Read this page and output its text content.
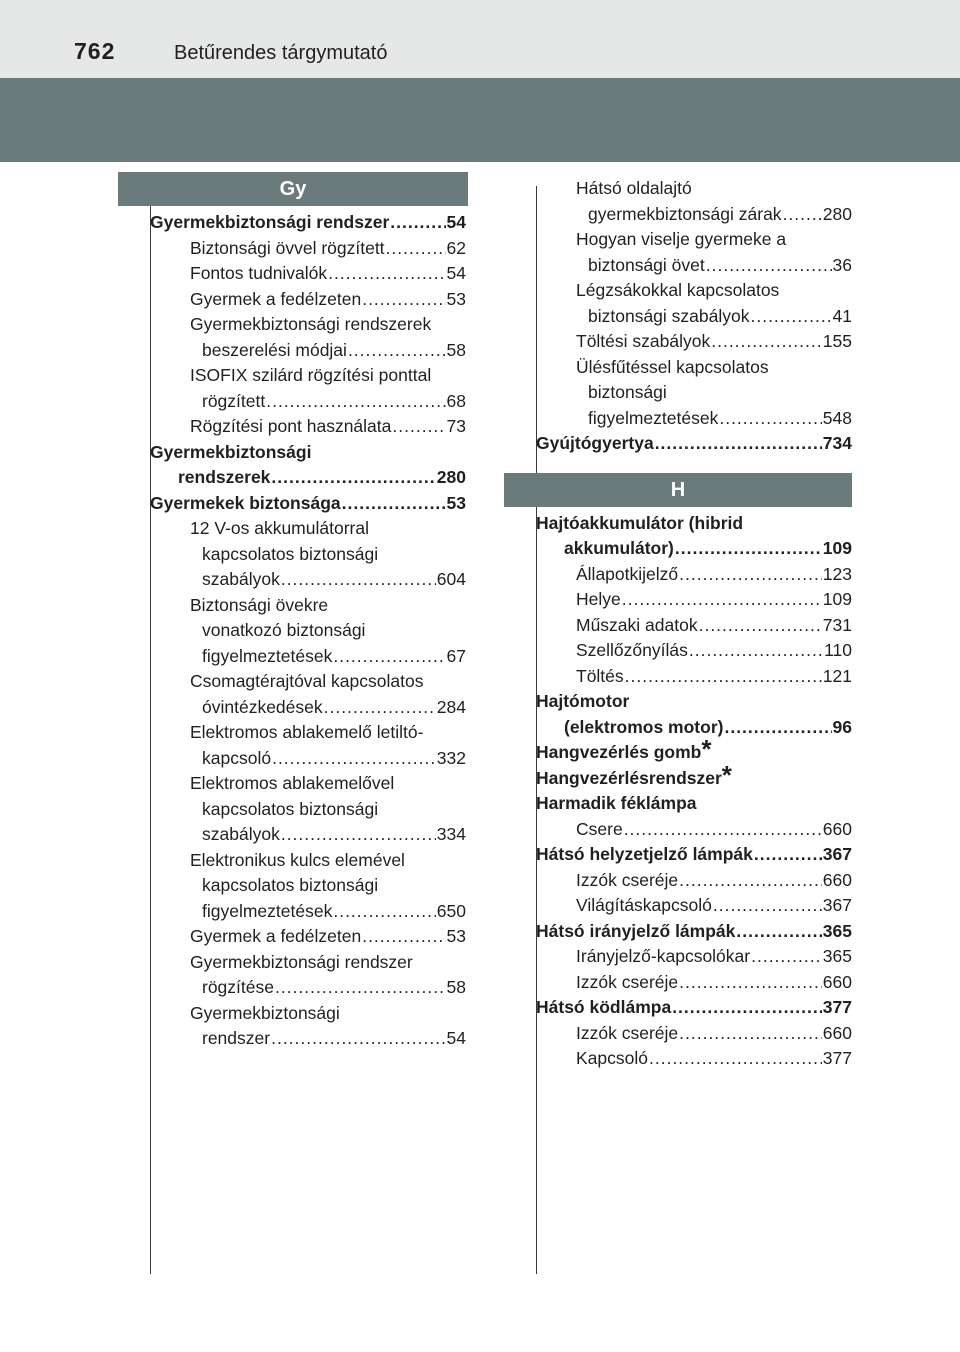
762	Betűrendes tárgymutató
Gy
Gyermekbiztonsági rendszer .....	54
Biztonsági övvel rögzített .....	62
Fontos tudnivalók .....	54
Gyermek a fedélzeten .....	53
Gyermekbiztonsági rendszerek
beszerelési módjai .....	58
ISOFIX szilárd rögzítési ponttal
rögzített .....	68
Rögzítési pont használata .....	73
Gyermekbiztonsági
rendszerek .....	280
Gyermekek biztonsága .....	53
12 V-os akkumulátorral
kapcsolatos biztonsági
szabályok .....	604
Biztonsági övekre
vonatkozó biztonsági
figyelmeztetések .....	67
Csomagtérajtóval kapcsolatos
óvintézkedések .....	284
Elektromos ablakemelő letiltó-
kapcsoló .....	332
Elektromos ablakemelővel
kapcsolatos biztonsági
szabályok .....	334
Elektronikus kulcs elemével
kapcsolatos biztonsági
figyelmeztetések .....	650
Gyermek a fedélzeten .....	53
Gyermekbiztonsági rendszer
rögzítése .....	58
Gyermekbiztonsági
rendszer .....	54
Hátsó oldalajtó
gyermekbiztonsági zárak ..... 280
Hogyan viselje gyermeke a
biztonsági övet .....	36
Légzsákokkal kapcsolatos
biztonsági szabályok .....	41
Töltési szabályok .....	155
Ülésfűtéssel kapcsolatos
biztonsági
figyelmeztetések .....	548
Gyújtógyertya .....	734
H
Hajtóakkumulátor (hibrid
akkumulátor) .....	109
Állapotkijelző .....	123
Helye .....	109
Műszaki adatok .....	731
Szellőzőnyílás .....	110
Töltés .....	121
Hajtómotor
(elektromos motor) .....	96
Hangvezérlés gomb *
Hangvezérlésrendszer *
Harmadik féklámpa
Csere .....	660
Hátsó helyzetjelző lámpák .....	367
Izzók cseréje .....	660
Világításkapcsoló .....	367
Hátsó irányjelző lámpák .....	365
Irányjelző-kapcsolókar .....	365
Izzók cseréje .....	660
Hátsó ködlámpa .....	377
Izzók cseréje .....	660
Kapcsoló .....	377
